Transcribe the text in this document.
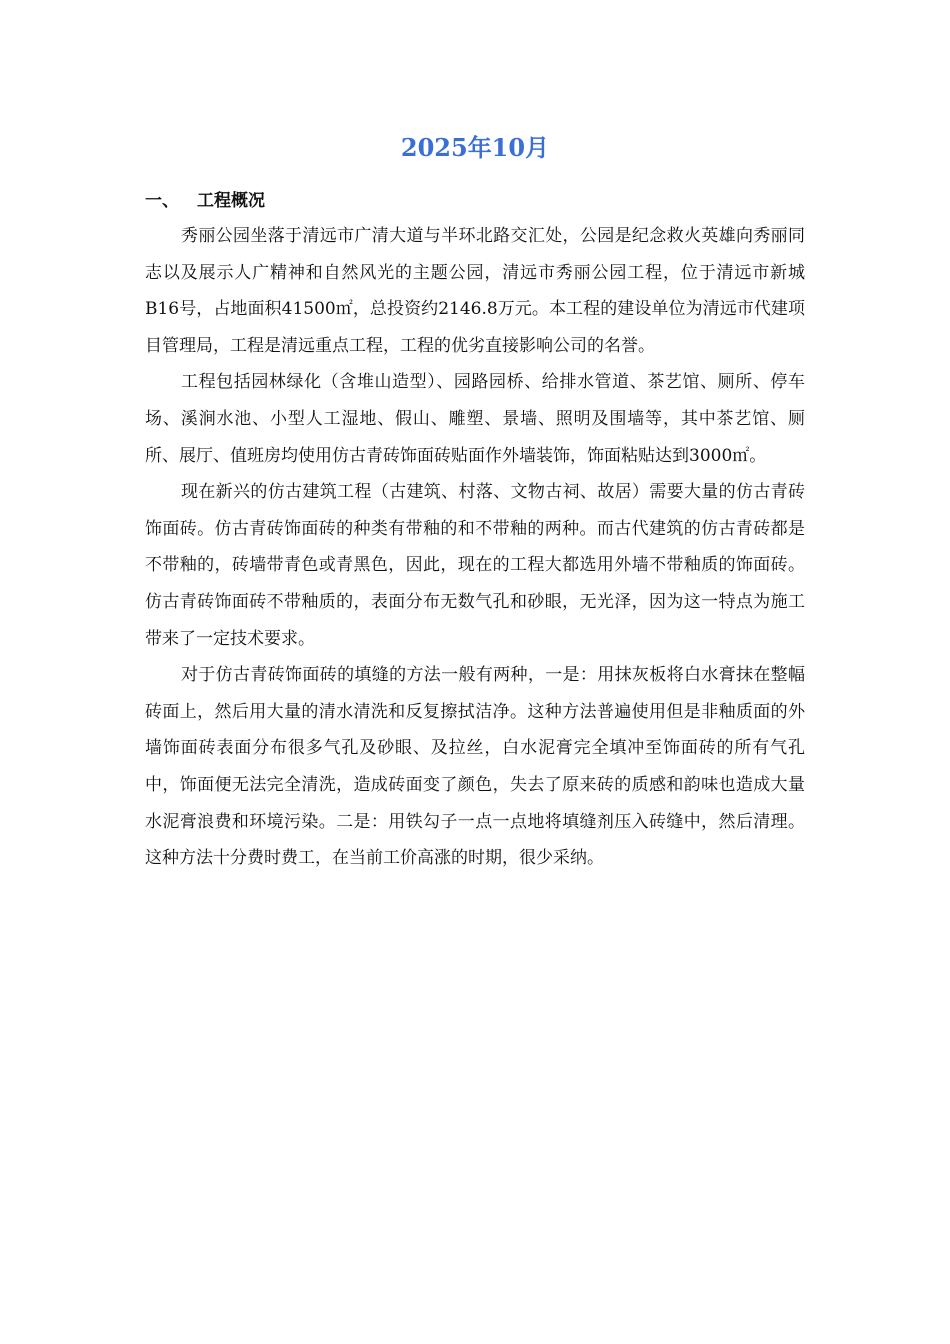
2025年10月
一、 工程概况

秀丽公园坐落于清远市广清大道与半环北路交汇处，公园是纪念救火英雄向秀丽同志以及展示人广精神和自然风光的主题公园，清远市秀丽公园工程，位于清远市新城B16号，占地面积41500㎡，总投资约2146.8万元。本工程的建设单位为清远市代建项目管理局，工程是清远重点工程，工程的优劣直接影响公司的名誉。

工程包括园林绿化（含堆山造型）、园路园桥、给排水管道、茶艺馆、厕所、停车场、溪涧水池、小型人工湿地、假山、雕塑、景墙、照明及围墙等，其中茶艺馆、厕所、展厅、值班房均使用仿古青砖饰面砖贴面作外墙装饰，饰面粘贴达到3000㎡。

现在新兴的仿古建筑工程（古建筑、村落、文物古祠、故居）需要大量的仿古青砖饰面砖。仿古青砖饰面砖的种类有带釉的和不带釉的两种。而古代建筑的仿古青砖都是不带釉的，砖墙带青色或青黑色，因此，现在的工程大都选用外墙不带釉质的饰面砖。仿古青砖饰面砖不带釉质的，表面分布无数气孔和砂眼，无光泽，因为这一特点为施工带来了一定技术要求。

对于仿古青砖饰面砖的填缝的方法一般有两种，一是：用抹灰板将白水膏抹在整幅砖面上，然后用大量的清水清洗和反复擦拭洁净。这种方法普遍使用但是非釉质面的外墙饰面砖表面分布很多气孔及砂眼、及拉丝，白水泥膏完全填冲至饰面砖的所有气孔中，饰面便无法完全清洗，造成砖面变了颜色，失去了原来砖的质感和韵味也造成大量水泥膏浪费和环境污染。二是：用铁勾子一点一点地将填缝剂压入砖缝中，然后清理。这种方法十分费时费工，在当前工价高涨的时期，很少采纳。
